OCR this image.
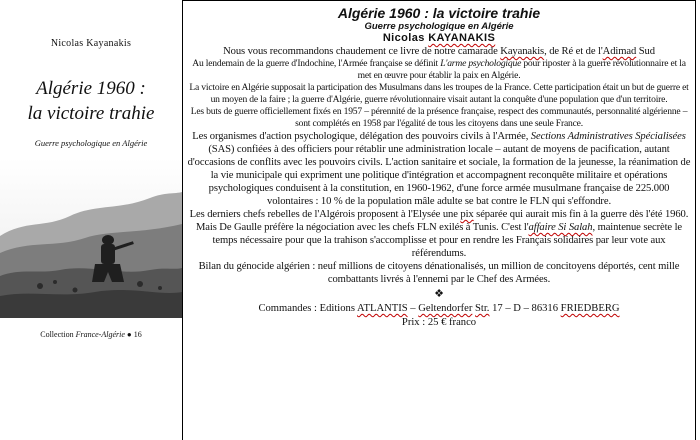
Nicolas Kayanakis
Algérie 1960 :
la victoire trahie
Guerre psychologique en Algérie
Collection France-Algérie ● 16
Algérie 1960 : la victoire trahie
Guerre psychologique en Algérie
Nicolas KAYANAKIS
Nous vous recommandons chaudement ce livre de notre camarade Kayanakis, de Ré et de l'Adimad Sud
Au lendemain de la guerre d'Indochine, l'Armée française se définit L'arme psychologique pour riposter à la guerre révolutionnaire et la met en œuvre pour établir la paix en Algérie.
La victoire en Algérie supposait la participation des Musulmans dans les troupes de la France. Cette participation était un but de guerre et un moyen de la faire ; la guerre d'Algérie, guerre révolutionnaire visait autant la conquête d'une population que d'un territoire.
Les buts de guerre officiellement fixés en 1957 – pérennité de la présence française, respect des communautés, personnalité algérienne – sont complétés en 1958 par l'égalité de tous les citoyens dans une seule France.
Les organismes d'action psychologique, délégation des pouvoirs civils à l'Armée, Sections Administratives Spécialisées (SAS) confiées à des officiers pour rétablir une administration locale – autant de moyens de pacification, autant d'occasions de conflits avec les pouvoirs civils. L'action sanitaire et sociale, la formation de la jeunesse, la réanimation de la vie municipale qui expriment une politique d'intégration et accompagnent reconquête militaire et opérations psychologiques conduisent à la constitution, en 1960-1962, d'une force armée musulmane française de 225.000 volontaires : 10 % de la population mâle adulte se bat contre le FLN qui s'effondre.
Les derniers chefs rebelles de l'Algérois proposent à l'Elysée une pix séparée qui aurait mis fin à la guerre dès l'été 1960. Mais De Gaulle préfère la négociation avec les chefs FLN exilés à Tunis. C'est l'affaire Si Salah, maintenue secrète le temps nécessaire pour que la trahison s'accomplisse et pour en rendre les Français solidaires par leur vote aux référendums.
Bilan du génocide algérien : neuf millions de citoyens dénationalisés, un million de concitoyens déportés, cent mille combattants livrés à l'ennemi par le Chef des Armées.
❖
Commandes : Editions ATLANTIS – Geltendorfer Str. 17 – D – 86316 FRIEDBERG
Prix : 25 € franco
